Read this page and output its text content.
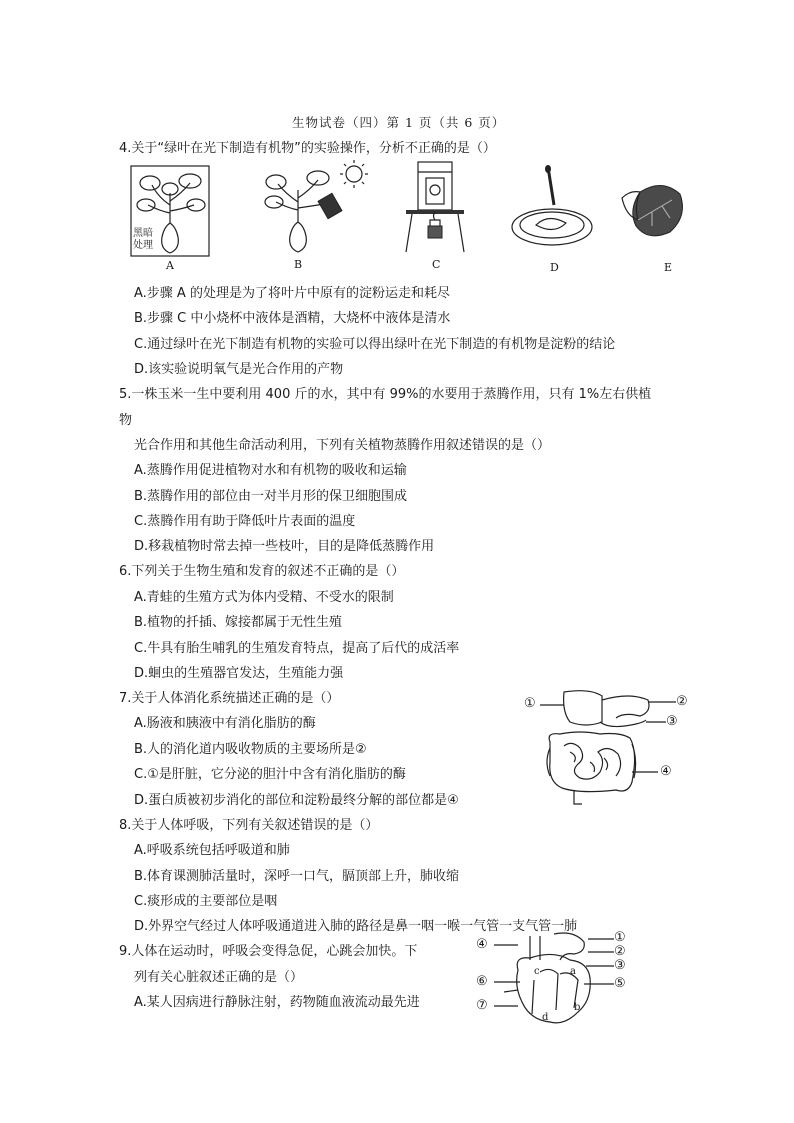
生物试卷（四）第 1 页（共 6 页）
4.关于“绿叶在光下制造有机物”的实验操作，分析不正确的是（）
黑暗处理
A	B	C	D	E
A.步骤 A 的处理是为了将叶片中原有的淀粉运走和耗尽
B.步骤 C 中小烧杯中液体是酒精，大烧杯中液体是清水
C.通过绿叶在光下制造有机物的实验可以得出绿叶在光下制造的有机物是淀粉的结论
D.该实验说明氧气是光合作用的产物
5.一株玉米一生中要利用 400 斤的水，其中有 99%的水要用于蒸腾作用，只有 1%左右供植
物
光合作用和其他生命活动利用，下列有关植物蒸腾作用叙述错误的是（）
A.蒸腾作用促进植物对水和有机物的吸收和运输
B.蒸腾作用的部位由一对半月形的保卫细胞围成
C.蒸腾作用有助于降低叶片表面的温度
D.移栽植物时常去掉一些枝叶，目的是降低蒸腾作用
6.下列关于生物生殖和发育的叙述不正确的是（）
A.青蛙的生殖方式为体内受精、不受水的限制
B.植物的扦插、嫁接都属于无性生殖
C.牛具有胎生哺乳的生殖发育特点，提高了后代的成活率
D.蛔虫的生殖器官发达，生殖能力强
7.关于人体消化系统描述正确的是（）
A.肠液和胰液中有消化脂肪的酶
B.人的消化道内吸收物质的主要场所是②
C.①是肝脏，它分泌的胆汁中含有消化脂肪的酶
D.蛋白质被初步消化的部位和淀粉最终分解的部位都是④
①	②
③
④
8.关于人体呼吸，下列有关叙述错误的是（）
A.呼吸系统包括呼吸道和肺
B.体育课测肺活量时，深呼一口气，膈顶部上升，肺收缩
C.痰形成的主要部位是咽
D.外界空气经过人体呼吸通道进入肺的路径是鼻一咽一喉一气管一支气管一肺
9.人体在运动时，呼吸会变得急促，心跳会加快。下
列有关心脏叙述正确的是（）
A.某人因病进行静脉注射，药物随血液流动最先进
c	a
b
d
①
②
③
④
⑤
⑥
⑦
